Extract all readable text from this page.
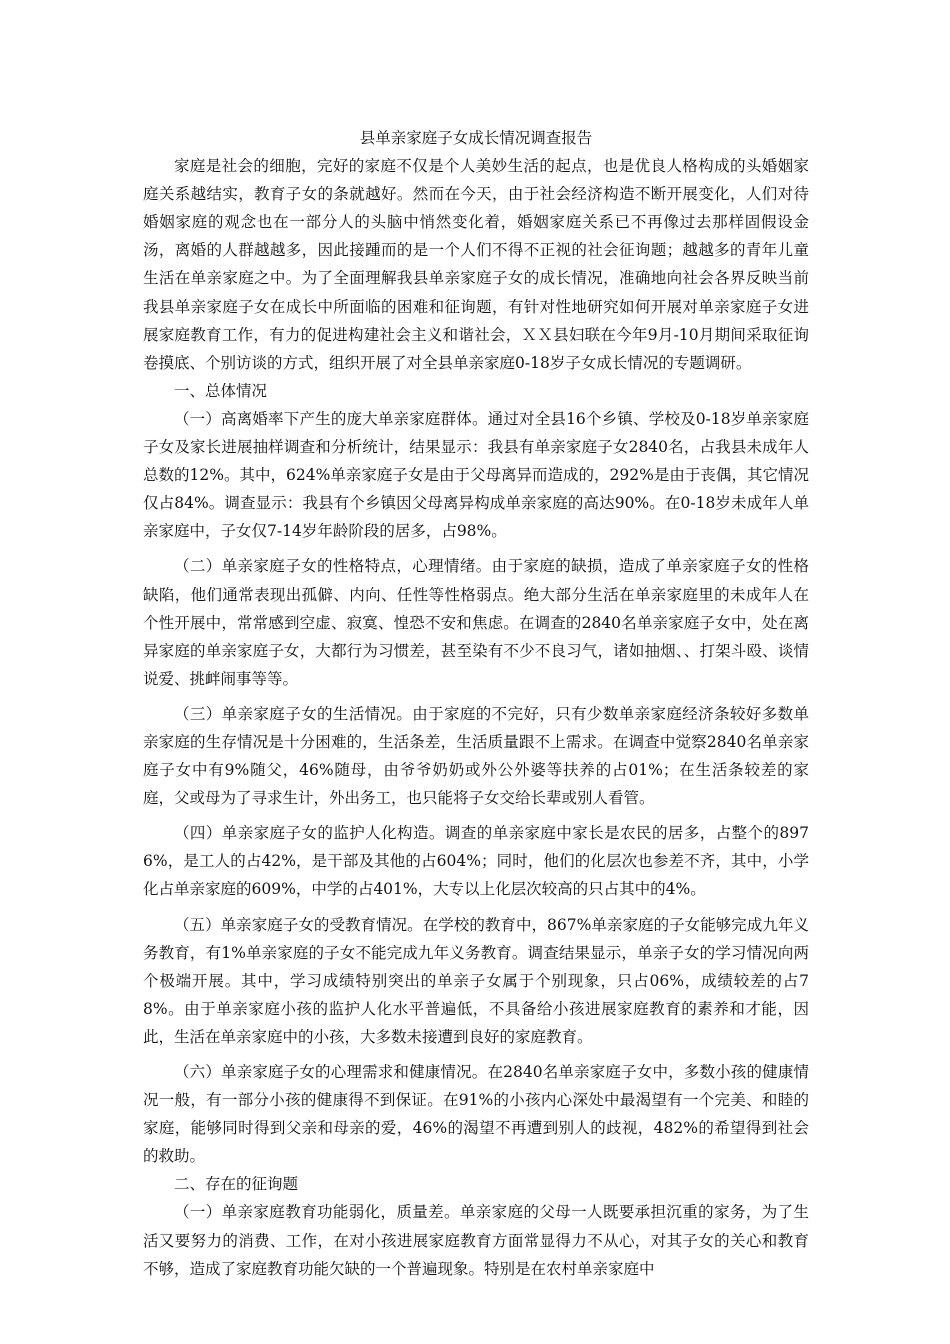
县单亲家庭子女成长情况调查报告

家庭是社会的细胞，完好的家庭不仅是个人美妙生活的起点，也是优良人格构成的头婚姻家庭关系越结实，教育子女的条就越好。然而在今天，由于社会经济构造不断开展变化，人们对待婚姻家庭的观念也在一部分人的头脑中悄然变化着，婚姻家庭关系已不再像过去那样固假设金汤，离婚的人群越越多，因此接踵而的是一个人们不得不正视的社会征询题；越越多的青年儿童生活在单亲家庭之中。为了全面理解我县单亲家庭子女的成长情况，准确地向社会各界反映当前我县单亲家庭子女在成长中所面临的困难和征询题，有针对性地研究如何开展对单亲家庭子女进展家庭教育工作，有力的促进构建社会主义和谐社会，ＸＸ县妇联在今年9月-10月期间采取征询卷摸底、个别访谈的方式，组织开展了对全县单亲家庭0-18岁子女成长情况的专题调研。

一、总体情况

（一）高离婚率下产生的庞大单亲家庭群体。通过对全县16个乡镇、学校及0-18岁单亲家庭子女及家长进展抽样调查和分析统计，结果显示：我县有单亲家庭子女2840名，占我县未成年人总数的12%。其中，624%单亲家庭子女是由于父母离异而造成的，292%是由于丧偶，其它情况仅占84%。调查显示：我县有个乡镇因父母离异构成单亲家庭的高达90%。在0-18岁未成年人单亲家庭中，子女仅7-14岁年龄阶段的居多，占98%。

（二）单亲家庭子女的性格特点，心理情绪。由于家庭的缺损，造成了单亲家庭子女的性格缺陷，他们通常表现出孤僻、内向、任性等性格弱点。绝大部分生活在单亲家庭里的未成年人在个性开展中，常常感到空虚、寂寞、惶恐不安和焦虑。在调查的2840名单亲家庭子女中，处在离异家庭的单亲家庭子女，大都行为习惯差，甚至染有不少不良习气，诸如抽烟、、打架斗殴、谈情说爱、挑衅闹事等等。

（三）单亲家庭子女的生活情况。由于家庭的不完好，只有少数单亲家庭经济条较好多数单亲家庭的生存情况是十分困难的，生活条差，生活质量跟不上需求。在调查中觉察2840名单亲家庭子女中有9%随父，46%随母，由爷爷奶奶或外公外婆等扶养的占01%；在生活条较差的家庭，父或母为了寻求生计，外出务工，也只能将子女交给长辈或别人看管。

（四）单亲家庭子女的监护人化构造。调查的单亲家庭中家长是农民的居多，占整个的8976%，是工人的占42%，是干部及其他的占604%；同时，他们的化层次也参差不齐，其中，小学化占单亲家庭的609%，中学的占401%，大专以上化层次较高的只占其中的4%。

（五）单亲家庭子女的受教育情况。在学校的教育中，867%单亲家庭的子女能够完成九年义务教育，有1%单亲家庭的子女不能完成九年义务教育。调查结果显示，单亲子女的学习情况向两个极端开展。其中，学习成绩特别突出的单亲子女属于个别现象，只占06%，成绩较差的占78%。由于单亲家庭小孩的监护人化水平普遍低，不具备给小孩进展家庭教育的素养和才能，因此，生活在单亲家庭中的小孩，大多数未接遭到良好的家庭教育。

（六）单亲家庭子女的心理需求和健康情况。在2840名单亲家庭子女中，多数小孩的健康情况一般，有一部分小孩的健康得不到保证。在91%的小孩内心深处中最渴望有一个完美、和睦的家庭，能够同时得到父亲和母亲的爱，46%的渴望不再遭到别人的歧视，482%的希望得到社会的救助。

二、存在的征询题

（一）单亲家庭教育功能弱化，质量差。单亲家庭的父母一人既要承担沉重的家务，为了生活又要努力的消费、工作，在对小孩进展家庭教育方面常显得力不从心，对其子女的关心和教育不够，造成了家庭教育功能欠缺的一个普遍现象。特别是在农村单亲家庭中
